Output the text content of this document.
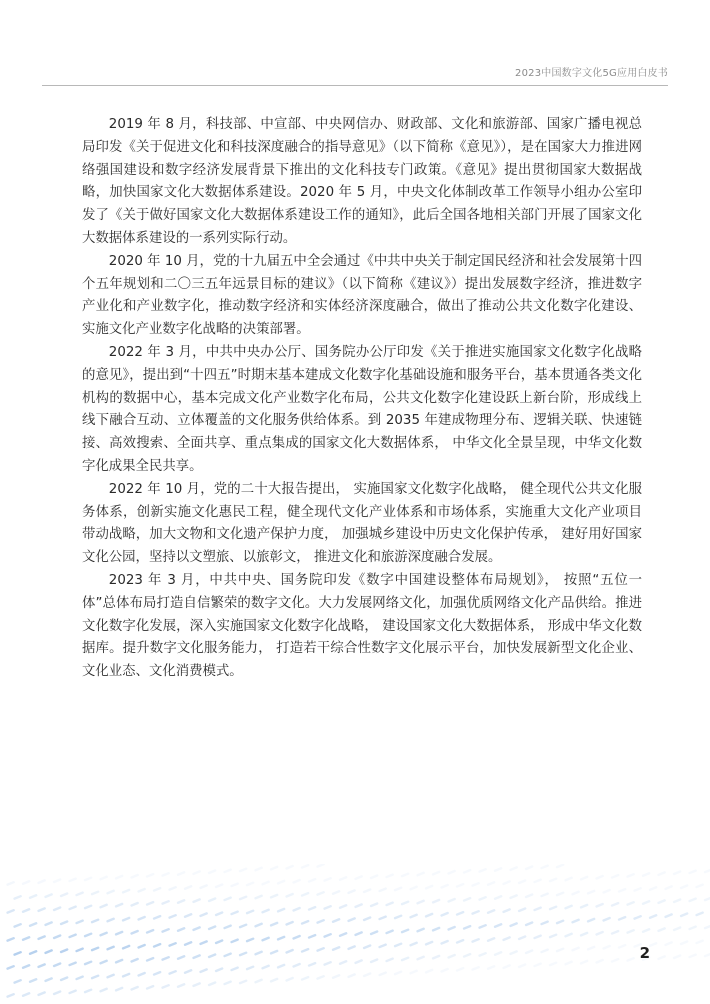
2023中国数字文化5G应用白皮书

2019 年 8 月，科技部、中宣部、中央网信办、财政部、文化和旅游部、国家广播电视总局印发《关于促进文化和科技深度融合的指导意见》（以下简称《意见》），是在国家大力推进网络强国建设和数字经济发展背景下推出的文化科技专门政策。《意见》提出贯彻国家大数据战略，加快国家文化大数据体系建设。2020 年 5 月，中央文化体制改革工作领导小组办公室印发了《关于做好国家文化大数据体系建设工作的通知》，此后全国各地相关部门开展了国家文化大数据体系建设的一系列实际行动。

2020 年 10 月，党的十九届五中全会通过《中共中央关于制定国民经济和社会发展第十四个五年规划和二〇三五年远景目标的建议》（以下简称《建议》）提出发展数字经济，推进数字产业化和产业数字化，推动数字经济和实体经济深度融合，做出了推动公共文化数字化建设、实施文化产业数字化战略的决策部署。

2022 年 3 月，中共中央办公厅、国务院办公厅印发《关于推进实施国家文化数字化战略的意见》，提出到“十四五”时期末基本建成文化数字化基础设施和服务平台，基本贯通各类文化机构的数据中心，基本完成文化产业数字化布局，公共文化数字化建设跃上新台阶，形成线上线下融合互动、立体覆盖的文化服务供给体系。到 2035 年建成物理分布、逻辑关联、快速链接、高效搜索、全面共享、重点集成的国家文化大数据体系， 中华文化全景呈现，中华文化数字化成果全民共享。

2022 年 10 月，党的二十大报告提出， 实施国家文化数字化战略， 健全现代公共文化服务体系，创新实施文化惠民工程，健全现代文化产业体系和市场体系，实施重大文化产业项目带动战略，加大文物和文化遗产保护力度， 加强城乡建设中历史文化保护传承， 建好用好国家文化公园，坚持以文塑旅、以旅彰文， 推进文化和旅游深度融合发展。

2023 年 3 月，中共中央、国务院印发《数字中国建设整体布局规划》， 按照“五位一体”总体布局打造自信繁荣的数字文化。大力发展网络文化，加强优质网络文化产品供给。推进文化数字化发展，深入实施国家文化数字化战略， 建设国家文化大数据体系， 形成中华文化数据库。提升数字文化服务能力， 打造若干综合性数字文化展示平台，加快发展新型文化企业、文化业态、文化消费模式。

2
